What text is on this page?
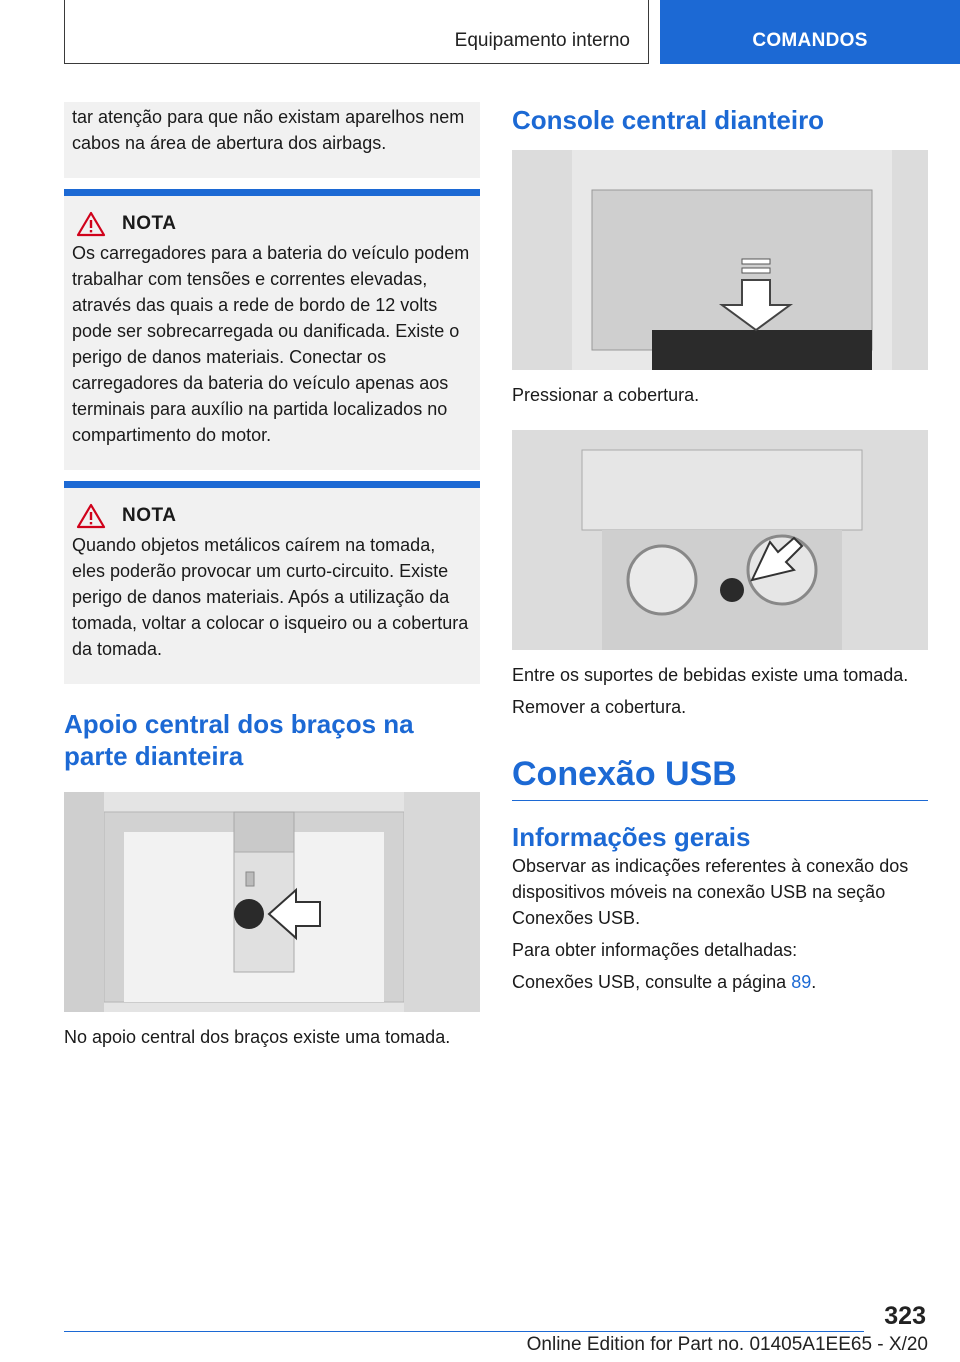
Equipamento interno	COMANDOS

tar atenção para que não existam aparelhos nem cabos na área de abertura dos airbags.

NOTA

Os carregadores para a bateria do veículo podem trabalhar com tensões e correntes elevadas, através das quais a rede de bordo de 12 volts pode ser sobrecarregada ou danificada. Existe o perigo de danos materiais. Conectar os carregadores da bateria do veículo apenas aos terminais para auxílio na partida localizados no compartimento do motor.

NOTA

Quando objetos metálicos caírem na tomada, eles poderão provocar um curto-circuito. Existe perigo de danos materiais. Após a utilização da tomada, voltar a colocar o isqueiro ou a cobertura da tomada.

Apoio central dos braços na parte dianteira

No apoio central dos braços existe uma tomada.

Console central dianteiro

Pressionar a cobertura.

Entre os suportes de bebidas existe uma tomada.

Remover a cobertura.

Conexão USB
Informações gerais

Observar as indicações referentes à conexão dos dispositivos móveis na conexão USB na seção Conexões USB.

Para obter informações detalhadas:

Conexões USB, consulte a página 89.

323
Online Edition for Part no. 01405A1EE65 - X/20
